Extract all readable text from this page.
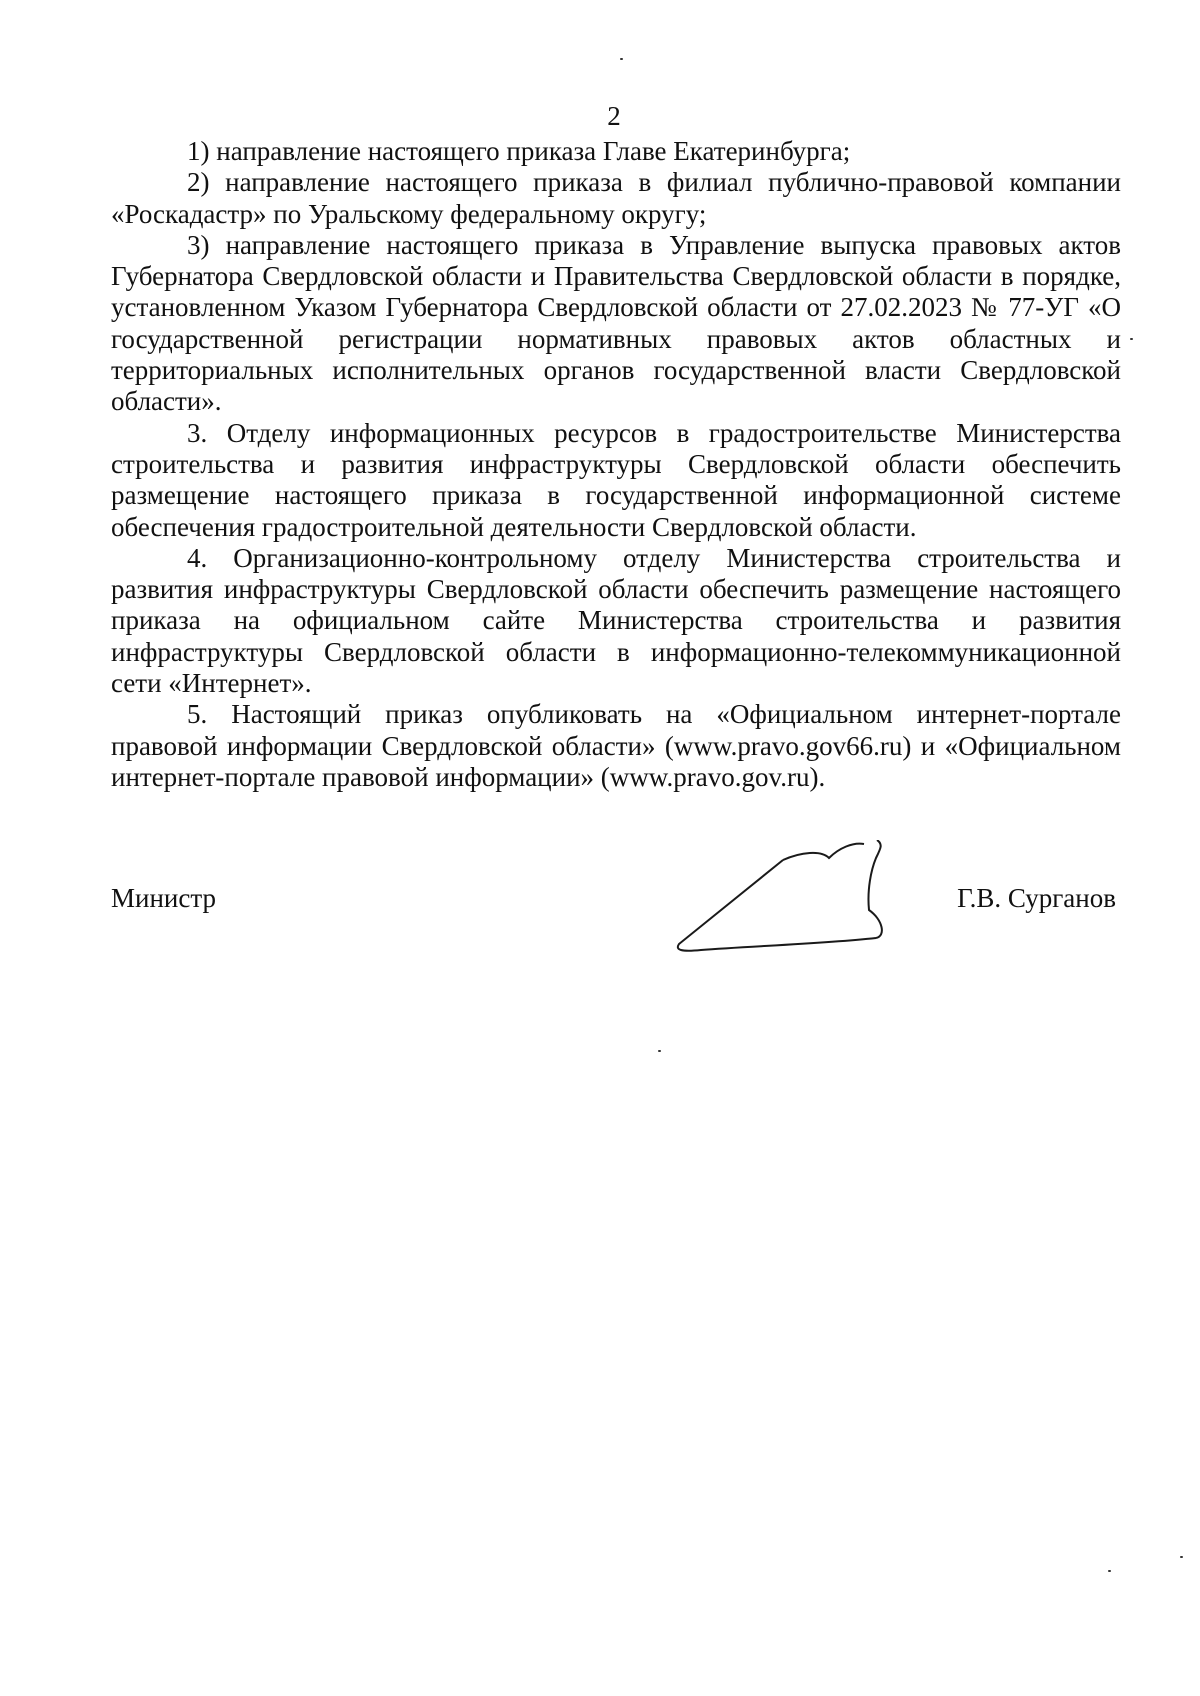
2

1) направление настоящего приказа Главе Екатеринбурга;

2) направление настоящего приказа в филиал публично-правовой компании «Роскадастр» по Уральскому федеральному округу;

3) направление настоящего приказа в Управление выпуска правовых актов Губернатора Свердловской области и Правительства Свердловской области в порядке, установленном Указом Губернатора Свердловской области от 27.02.2023 № 77-УГ «О государственной регистрации нормативных правовых актов областных и территориальных исполнительных органов государственной власти Свердловской области».

3. Отделу информационных ресурсов в градостроительстве Министерства строительства и развития инфраструктуры Свердловской области обеспечить размещение настоящего приказа в государственной информационной системе обеспечения градостроительной деятельности Свердловской области.

4. Организационно-контрольному отделу Министерства строительства и развития инфраструктуры Свердловской области обеспечить размещение настоящего приказа на официальном сайте Министерства строительства и развития инфраструктуры Свердловской области в информационно-телекоммуникационной сети «Интернет».

5. Настоящий приказ опубликовать на «Официальном интернет-портале правовой информации Свердловской области» (www.pravo.gov66.ru) и «Официальном интернет-портале правовой информации» (www.pravo.gov.ru).

Министр	Г.В. Сурганов
